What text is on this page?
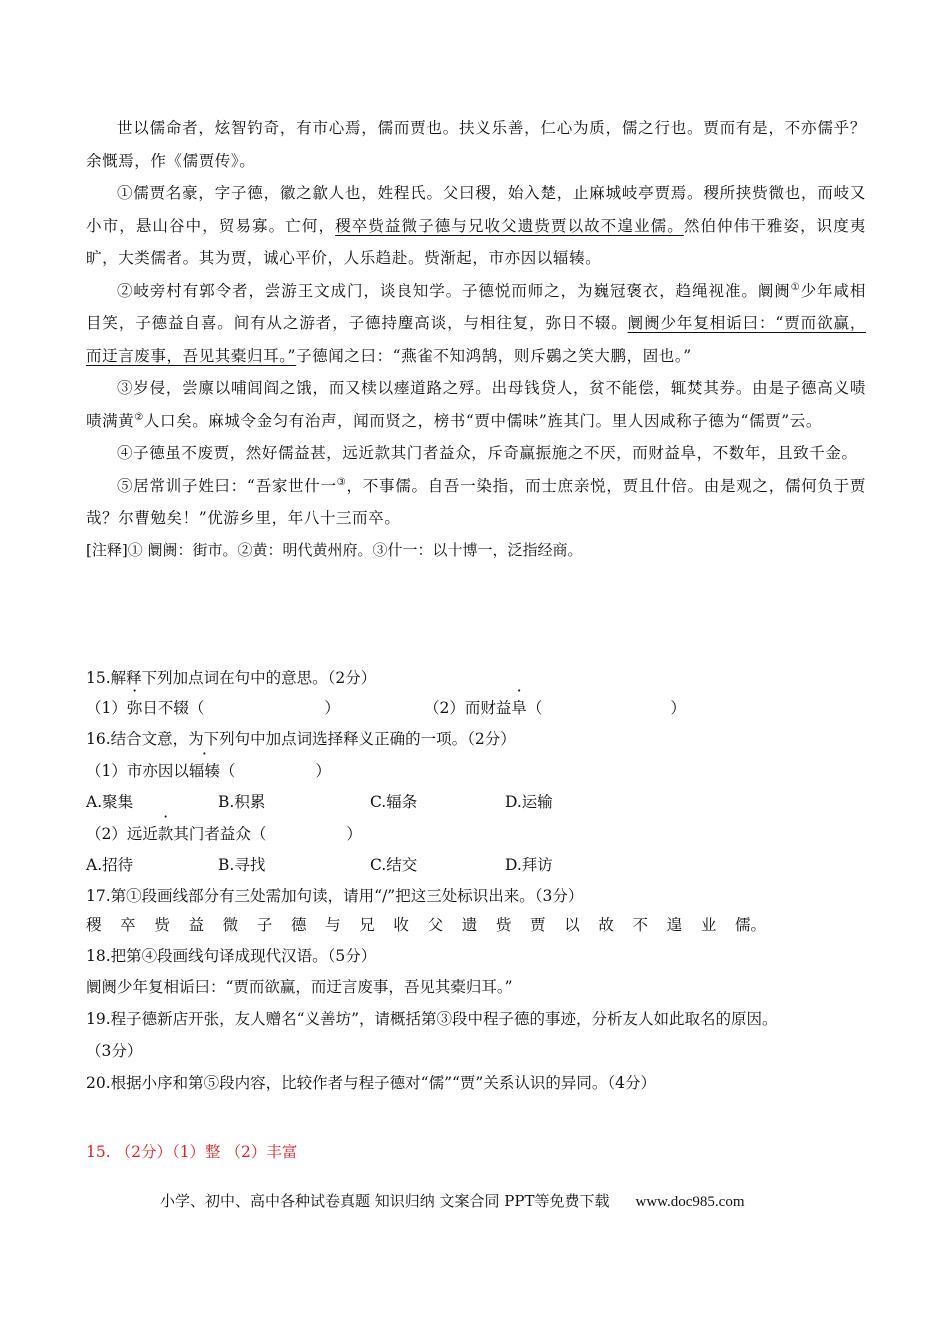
世以儒命者，炫智钓奇，有市心焉，儒而贾也。扶义乐善，仁心为质，儒之行也。贾而有是，不亦儒乎？余慨焉，作《儒贾传》。

①儒贾名豪，字子德，徽之歙人也，姓程氏。父曰稷，始入楚，止麻城岐亭贾焉。稷所挟赀微也，而岐又小市，悬山谷中，贸易寡。亡何，稷卒赀益微子德与兄收父遗赀贾以故不遑业儒。然伯仲伟干雅姿，识度夷旷，大类儒者。其为贾，诚心平价，人乐趋赴。赀渐起，市亦因以辐辏。

②岐旁村有郭令者，尝游王文成门，谈良知学。子德悦而师之，为巍冠褒衣，趋绳视准。阛阓①少年咸相目笑，子德益自喜。间有从之游者，子德持麈高谈，与相往复，弥日不辍。阛阓少年复相诟曰：“贾而欲赢，而迂言废事，吾见其橐归耳。”子德闻之曰：“燕雀不知鸿鹄，则斥鷃之笑大鹏，固也。”

③岁侵，尝廪以哺闾阎之饿，而又椟以瘗道路之殍。出母钱贷人，贫不能偿，辄焚其券。由是子德高义啧啧满黄②人口矣。麻城令金匀有治声，闻而贤之，榜书“贾中儒味”旌其门。里人因咸称子德为“儒贾”云。

④子德虽不废贾，然好儒益甚，远近款其门者益众，斥奇赢振施之不厌，而财益阜，不数年，且致千金。

⑤居常训子姓曰：“吾家世什一③，不事儒。自吾一染指，而士庶亲悦，贾且什倍。由是观之，儒何负于贾哉？尔曹勉矣！”优游乡里，年八十三而卒。

[注释]① 阛阓：街市。②黄：明代黄州府。③什一：以十博一，泛指经商。

15.解释下列加点词在句中的意思。（2分）
（1）弥日不辍（	）	（2）而财益阜（	）
16.结合文意，为下列句中加点词选择释义正确的一项。（2分）
（1）市亦因以辐辏（	）
A.聚集	B.积累	C.辐条	D.运输
（2）远近款其门者益众（	）
A.招待	B.寻找	C.结交	D.拜访
17.第①段画线部分有三处需加句读，请用“/”把这三处标识出来。（3分）
稷 卒 赀 益 微 子 德 与 兄 收 父 遗 赀 贾 以 故 不 遑 业 儒。
18.把第④段画线句译成现代汉语。（5分）
阛阓少年复相诟曰：“贾而欲赢，而迂言废事，吾见其橐归耳。”
19.程子德新店开张，友人赠名“义善坊”，请概括第③段中程子德的事迹，分析友人如此取名的原因。
（3分）
20.根据小序和第⑤段内容，比较作者与程子德对“儒”“贾”关系认识的异同。（4分）
15. （2分）（1）整 （2）丰富
小学、初中、高中各种试卷真题 知识归纳 文案合同 PPT等免费下载 www.doc985.com
